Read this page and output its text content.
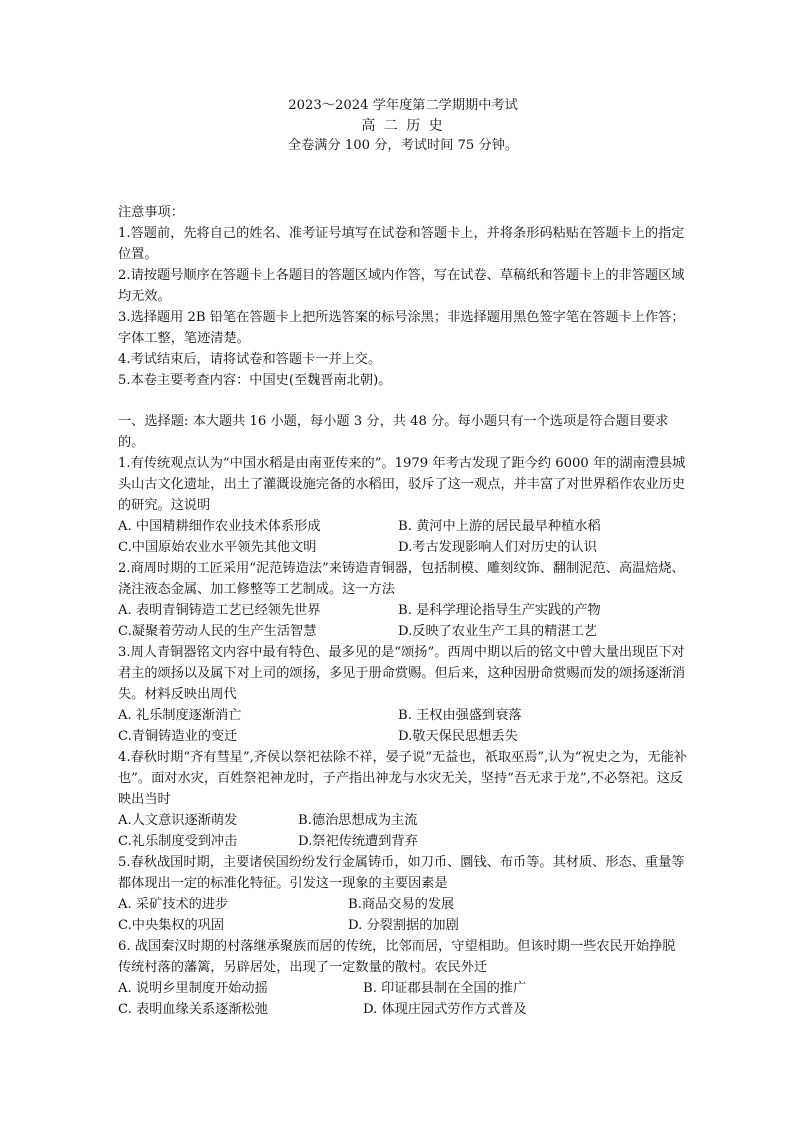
2023～2024 学年度第二学期期中考试
高 二 历 史
全卷满分 100 分，考试时间 75 分钟。

注意事项：

1.答题前，先将自己的姓名、准考证号填写在试卷和答题卡上，并将条形码粘贴在答题卡上的指定位置。

2.请按题号顺序在答题卡上各题目的答题区域内作答，写在试卷、草稿纸和答题卡上的非答题区域均无效。

3.选择题用 2B 铅笔在答题卡上把所选答案的标号涂黑；非选择题用黑色签字笔在答题卡上作答；字体工整，笔迹清楚。

4.考试结束后，请将试卷和答题卡一并上交。

5.本卷主要考查内容：中国史(至魏晋南北朝)。

一、选择题: 本大题共 16 小题，每小题 3 分，共 48 分。每小题只有一个选项是符合题目要求的。

1.有传统观点认为“中国水稻是由南亚传来的”。1979 年考古发现了距今约 6000 年的湖南澧县城头山古文化遗址，出土了灌溉设施完备的水稻田，驳斥了这一观点，并丰富了对世界稻作农业历史的研究。这说明

A. 中国精耕细作农业技术体系形成	B. 黄河中上游的居民最早种植水稻
C.中国原始农业水平领先其他文明	D.考古发现影响人们对历史的认识

2.商周时期的工匠采用“泥范铸造法”来铸造青铜器，包括制模、雕刻纹饰、翻制泥范、高温焙烧、浇注液态金属、加工修整等工艺制成。这一方法

A. 表明青铜铸造工艺已经领先世界	B. 是科学理论指导生产实践的产物
C.凝聚着劳动人民的生产生活智慧	D.反映了农业生产工具的精湛工艺

3.周人青铜器铭文内容中最有特色、最多见的是“颂扬”。西周中期以后的铭文中曾大量出现臣下对君主的颂扬以及属下对上司的颂扬，多见于册命赏赐。但后来，这种因册命赏赐而发的颂扬逐渐消失。材料反映出周代

A. 礼乐制度逐渐消亡	B. 王权由强盛到衰落
C.青铜铸造业的变迁	D.敬天保民思想丢失

4.春秋时期“齐有彗星”,齐侯以祭祀祛除不祥，晏子说“无益也，祇取巫焉”,认为“祝史之为，无能补也”。面对水灾，百姓祭祀神龙时，子产指出神龙与水灾无关，坚持“吾无求于龙”,不必祭祀。这反映出当时

A.人文意识逐渐萌发	B.德治思想成为主流
C.礼乐制度受到冲击	D.祭祀传统遭到背弃

5.春秋战国时期，主要诸侯国纷纷发行金属铸币，如刀币、圜钱、布币等。其材质、形态、重量等都体现出一定的标准化特征。引发这一现象的主要因素是

A. 采矿技术的进步	B.商品交易的发展
C.中央集权的巩固	D. 分裂割据的加剧

6. 战国秦汉时期的村落继承聚族而居的传统，比邻而居，守望相助。但该时期一些农民开始挣脱传统村落的藩篱，另辟居处，出现了一定数量的散村。农民外迁

A. 说明乡里制度开始动摇	B. 印证郡县制在全国的推广
C. 表明血缘关系逐渐松弛	D. 体现庄园式劳作方式普及
